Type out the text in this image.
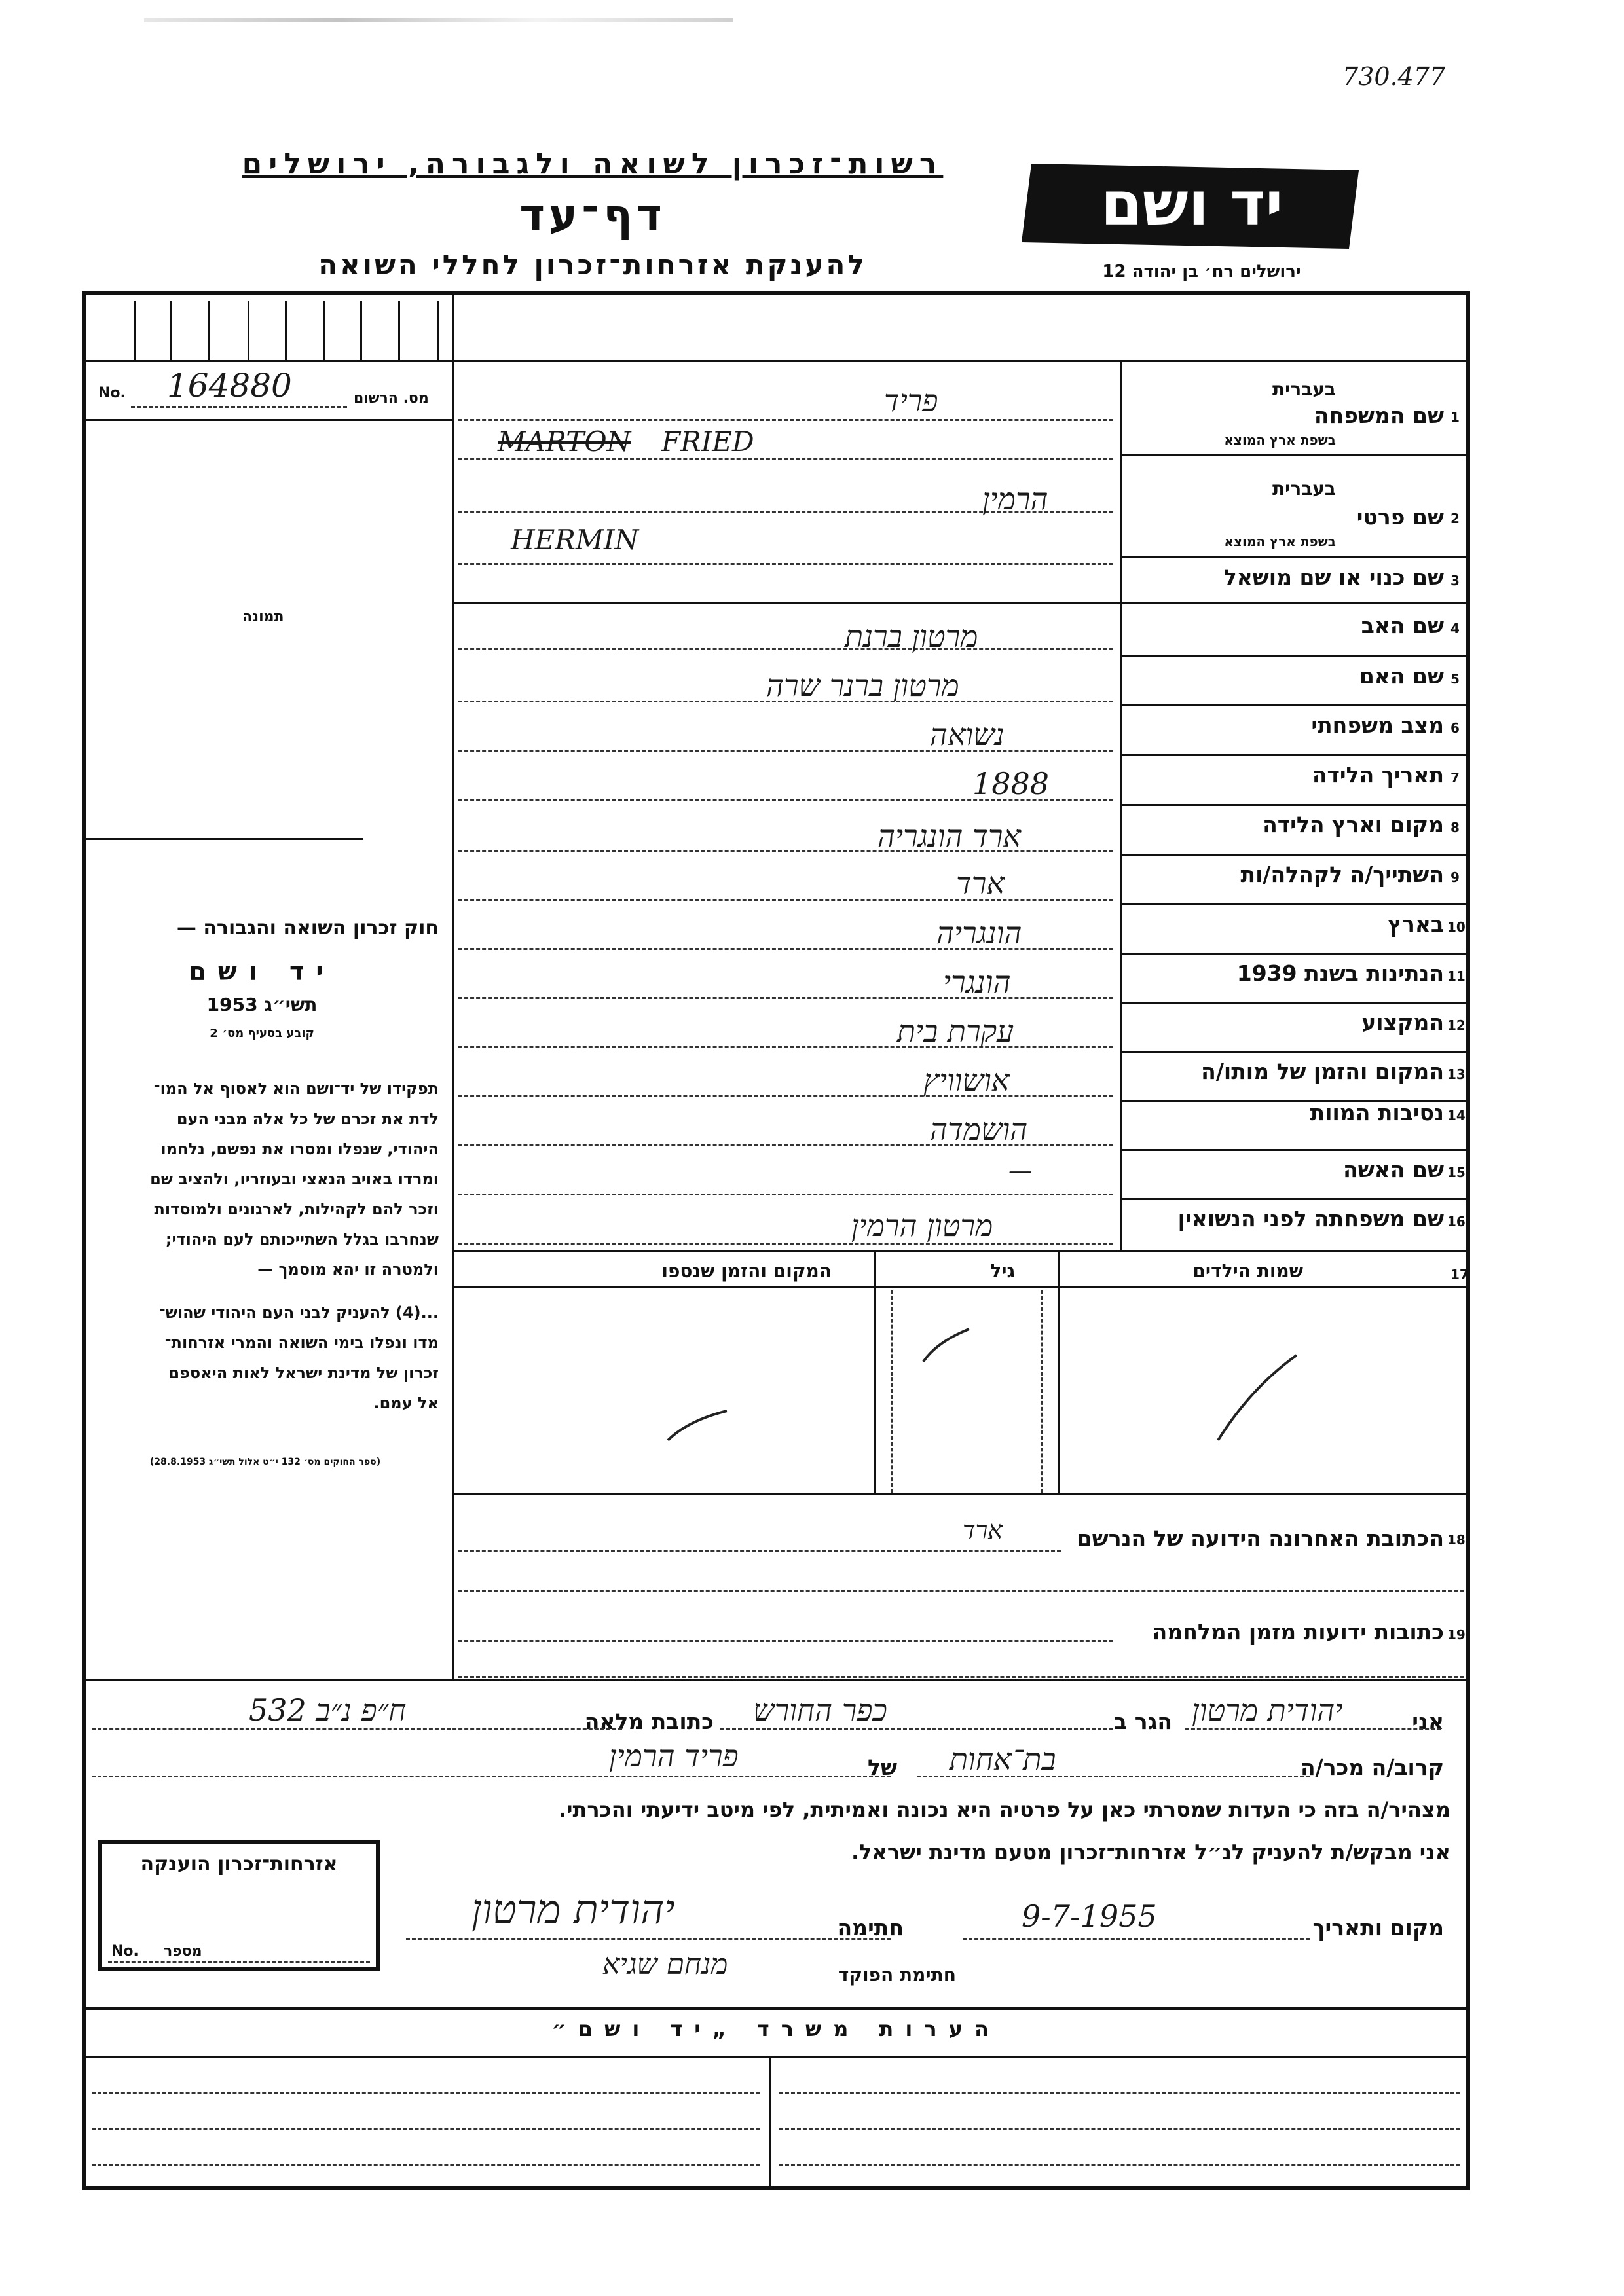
730.477
רשות־זכרון לשואה ולגבורה, ירושלים
דף־עד
להענקת אזרחות־זכרון לחללי השואה
יד ושם
ירושלים רח׳ בן יהודה 12
No. 164880	מס. הרשום
תמונה
חוק זכרון השואה והגבורה —
יד ושם
תשי״ג 1953
קובע בסעיף מס׳ 2
תפקידו של יד־ושם הוא לאסוף אל המו־
לדת את זכרם של כל אלה מבני העם
היהודי, שנפלו ומסרו את נפשם, נלחמו
ומרדו באויב הנאצי ובעוזריו, ולהציב שם
וזכר להם לקהילות, לארגונים ולמוסדות
שנחרבו בגלל השתייכותם לעם היהודי;
ולמטרה זו יהא מוסמך —
...(4) להעניק לבני העם היהודי שהוש־
מדו ונפלו בימי השואה והמרי אזרחות־
זכרון של מדינת ישראל לאות היאספם
אל עמם.
(ספר החוקים מס׳ 132 י״ט אלול תשי״ג 28.8.1953)
1
שם המשפחה
בעברית
בשפת ארץ המוצא
2
שם פרטי
בעברית
בשפת ארץ המוצא
3
שם כנוי או שם מושאל
4
שם האב
5
שם האם
6
מצב משפחתי
7
תאריך הלידה
8
מקום וארץ הלידה
9
השתייך/ה לקהלה/ות
10
בארץ
11
הנתינות בשנת 1939
12
המקצוע
13
המקום והזמן של מותו/ה
14
נסיבות המוות
15
שם האשה
16
שם משפחתה לפני הנשואין
פריד
MARTON FRIED
הרמין
HERMIN
מרטון ברנת
מרטון ברנר שרה
נשואה
1888
ארד הונגריה
ארד
הונגריה
הונגרי
עקרת בית
אושוויץ
הושמדה
—
מרטון הרמין
17
שמות הילדים
גיל
המקום והזמן שנספו
18
הכתובת האחרונה הידועה של הנרשם
ארד
19
כתובות ידועות מזמן המלחמה
אני
יהודית מרטון
הגר ב
כפר החורש
כתובת מלאה
ח״פ נ״ב 532
קרוב/ה מכר/ה
בת־אחות
של
פריד הרמין
מצהיר/ה בזה כי העדות שמסרתי כאן על פרטיה היא נכונה ואמיתית, לפי מיטב ידיעתי והכרתי.
אני מבקש/ת להעניק לנ״ל אזרחות־זכרון מטעם מדינת ישראל.
מקום ותאריך
9-7-1955
חתימה
יהודית מרטון
חתימת הפוקד
מנחם שגיא
אזרחות־זכרון הוענקה
No. מספר
הערות משרד „יד ושם״
